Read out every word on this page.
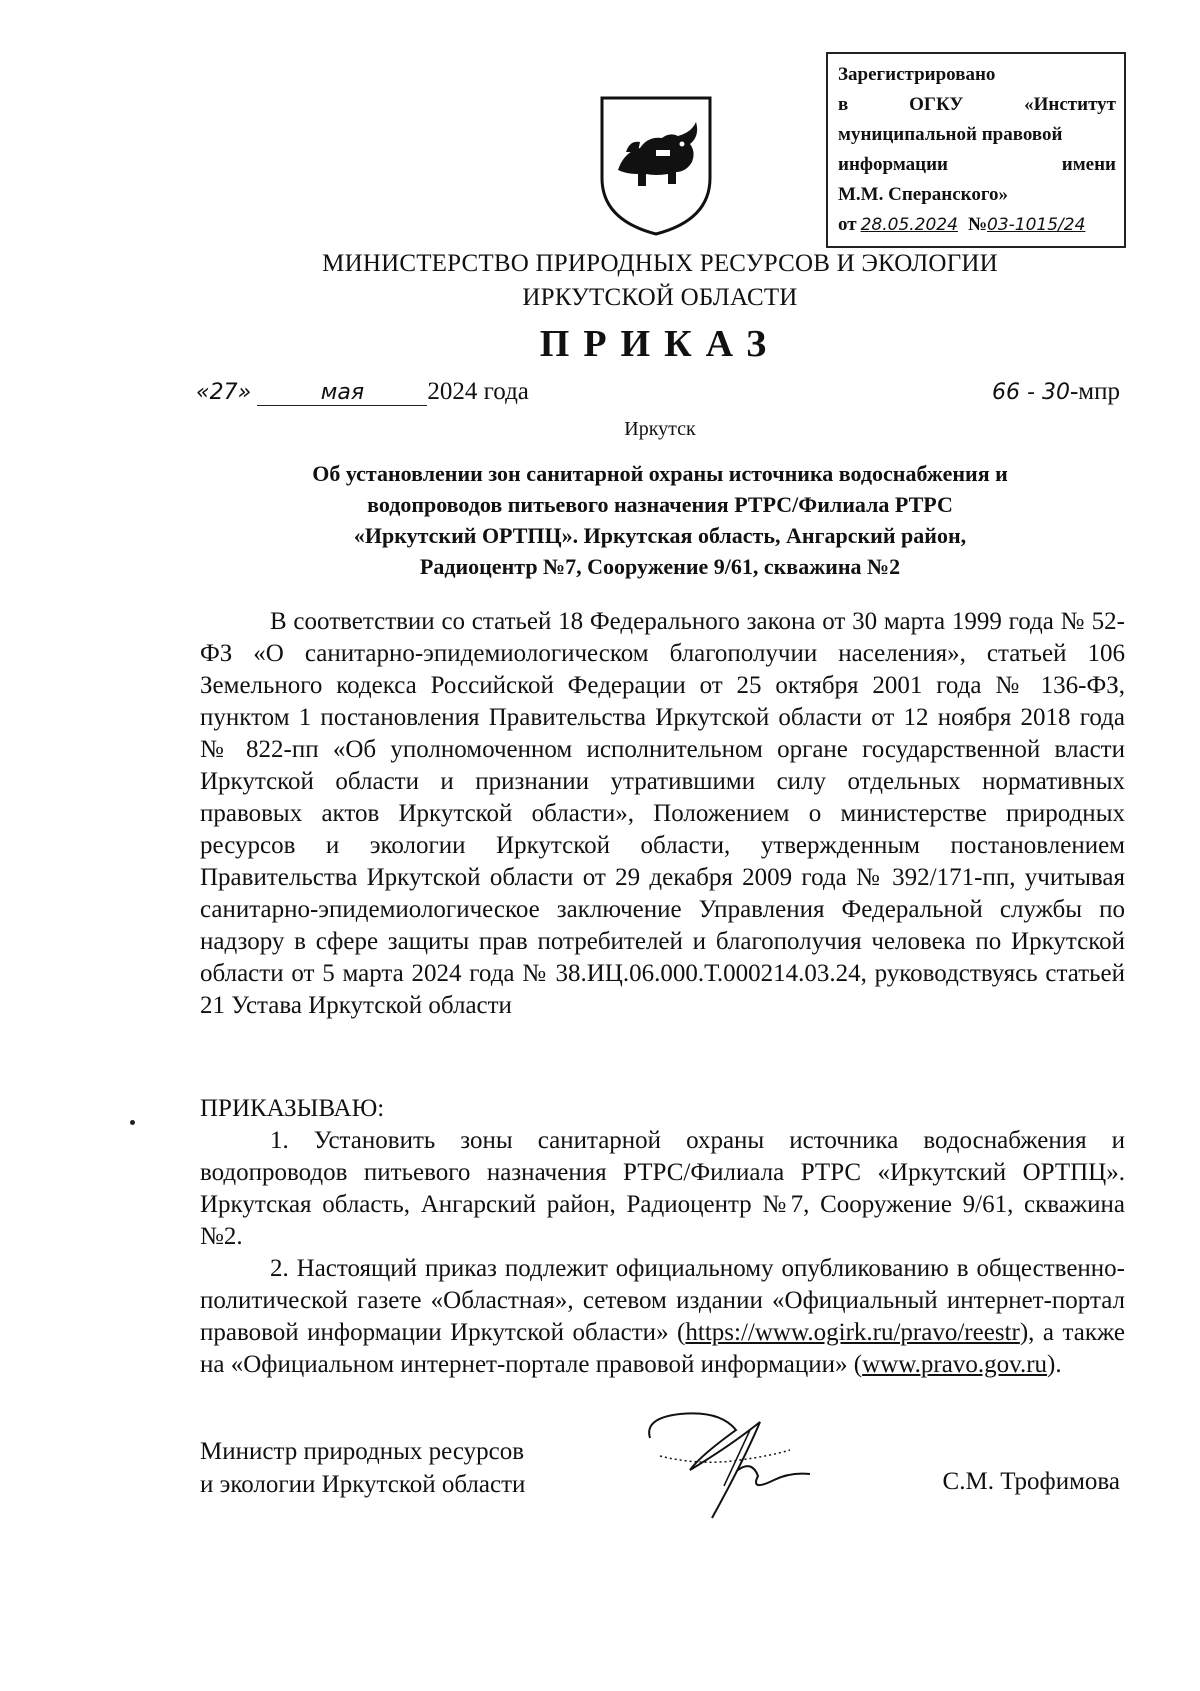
Зарегистрировано
в	ОГКУ	«Институт
муниципальной правовой
информации	имени
М.М. Сперанского»
от 28.05.2024 № 03-1015/24
МИНИСТЕРСТВО ПРИРОДНЫХ РЕСУРСОВ И ЭКОЛОГИИ
ИРКУТСКОЙ ОБЛАСТИ
ПРИКАЗ
«27»	мая	2024 года	66 - 30-мпр
Иркутск
Об установлении зон санитарной охраны источника водоснабжения и
водопроводов питьевого назначения РТРС/Филиала РТРС
«Иркутский ОРТПЦ». Иркутская область, Ангарский район,
Радиоцентр №7, Сооружение 9/61, скважина №2

В соответствии со статьей 18 Федерального закона от 30 марта 1999 года № 52-ФЗ «О санитарно-эпидемиологическом благополучии населения», статьей 106 Земельного кодекса Российской Федерации от 25 октября 2001 года № 136-ФЗ, пунктом 1 постановления Правительства Иркутской области от 12 ноября 2018 года № 822-пп «Об уполномоченном исполнительном органе государственной власти Иркутской области и признании утратившими силу отдельных нормативных правовых актов Иркутской области», Положением о министерстве природных ресурсов и экологии Иркутской области, утвержденным постановлением Правительства Иркутской области от 29 декабря 2009 года № 392/171-пп, учитывая санитарно-эпидемиологическое заключение Управления Федеральной службы по надзору в сфере защиты прав потребителей и благополучия человека по Иркутской области от 5 марта 2024 года № 38.ИЦ.06.000.Т.000214.03.24, руководствуясь статьей 21 Устава Иркутской области

ПРИКАЗЫВАЮ:

1. Установить зоны санитарной охраны источника водоснабжения и водопроводов питьевого назначения РТРС/Филиала РТРС «Иркутский ОРТПЦ». Иркутская область, Ангарский район, Радиоцентр №7, Сооружение 9/61, скважина №2.

2. Настоящий приказ подлежит официальному опубликованию в общественно-политической газете «Областная», сетевом издании «Официальный интернет-портал правовой информации Иркутской области» (https://www.ogirk.ru/pravo/reestr), а также на «Официальном интернет-портале правовой информации» (www.pravo.gov.ru).

Министр природных ресурсов
и экологии Иркутской области	С.М. Трофимова
